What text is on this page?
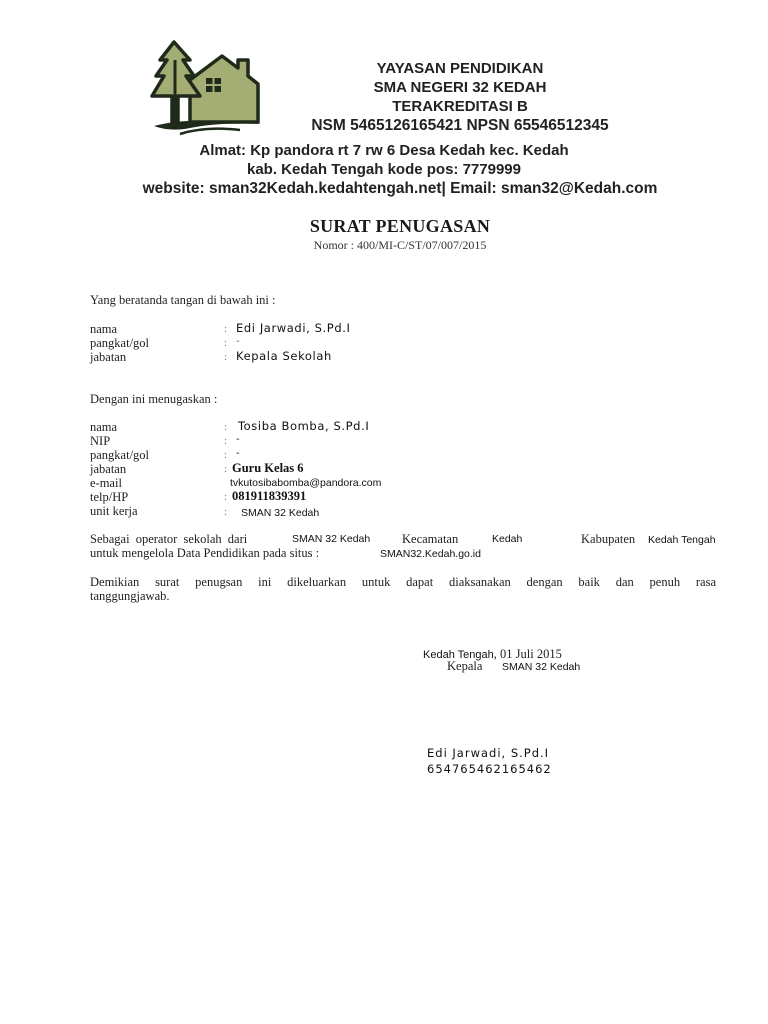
YAYASAN PENDIDIKAN
SMA NEGERI 32 KEDAH
TERAKREDITASI B
NSM 5465126165421 NPSN 65546512345
Almat: Kp pandora rt 7 rw 6 Desa Kedah kec. Kedah
kab. Kedah Tengah kode pos: 7779999
website: sman32Kedah.kedahtengah.net| Email: sman32@Kedah.com
SURAT PENUGASAN
Nomor : 400/MI-C/ST/07/007/2015
Yang beratanda tangan di bawah ini :
nama	: Edi Jarwadi, S.Pd.I
pangkat/gol	: -
jabatan	: Kepala Sekolah
Dengan ini menugaskan :
nama	: Tosiba Bomba, S.Pd.I
NIP	: -
pangkat/gol	: -
jabatan	: Guru Kelas 6
e-mail	tvkutosibabomba@pandora.com
telp/HP	: 081911839391
unit kerja	: SMAN 32 Kedah
Sebagai operator sekolah dari	SMAN 32 Kedah	Kecamatan	Kedah	Kabupaten Kedah Tengah
untuk mengelola Data Pendidikan pada situs :	SMAN32.Kedah.go.id
Demikian surat penugsan ini dikeluarkan untuk dapat diaksanakan dengan baik dan penuh rasa
tanggungjawab.
Kedah Tengah, 01 Juli 2015
Kepala SMAN 32 Kedah
Edi Jarwadi, S.Pd.I
654765462165462
